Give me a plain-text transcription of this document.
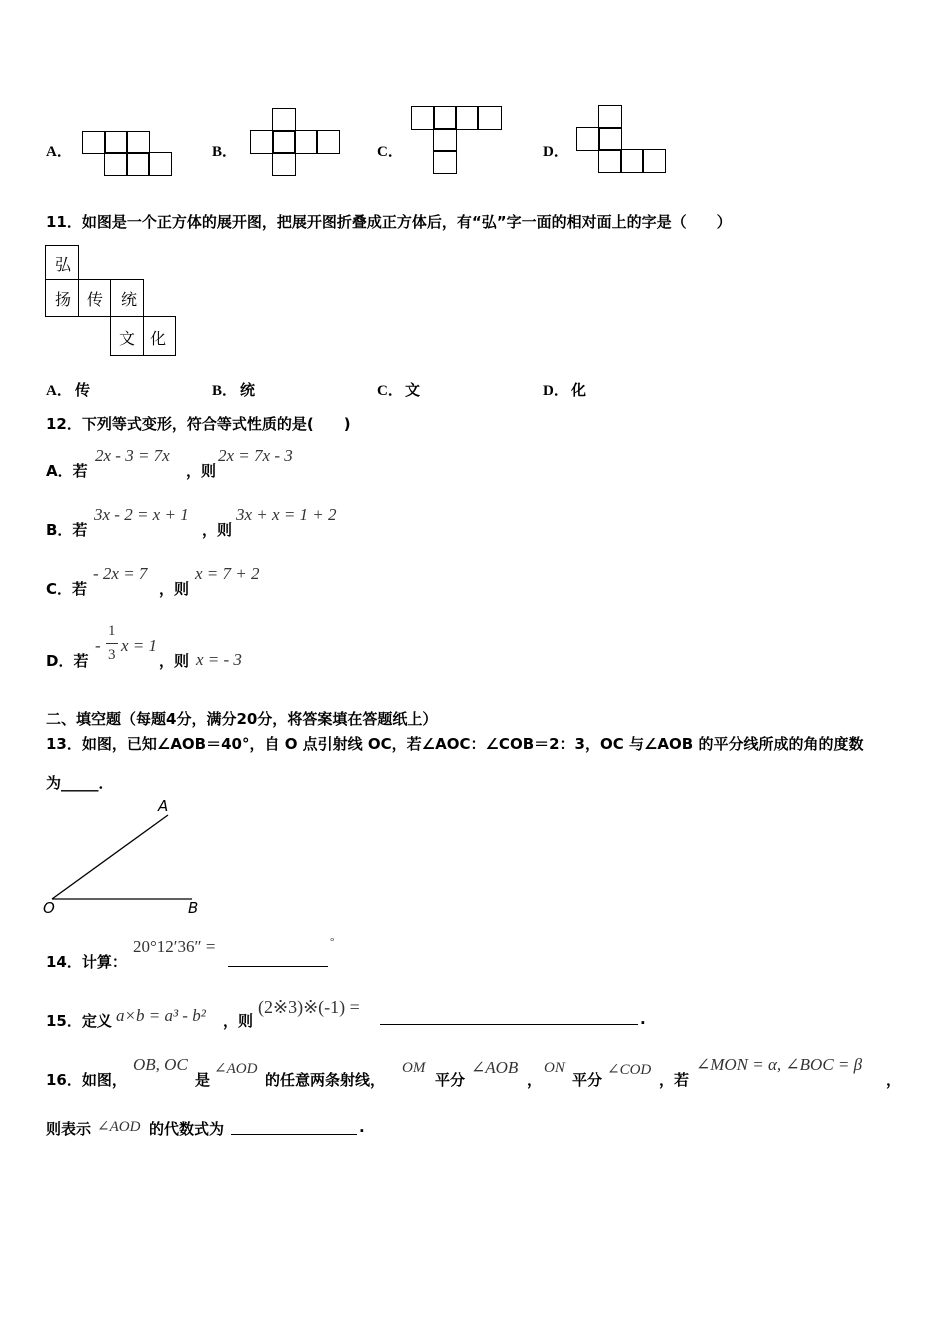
A．	B．	C．	D．
11．如图是一个正方体的展开图，把展开图折叠成正方体后，有“弘”字一面的相对面上的字是（　　）
弘
扬 传 统
文 化
A． 传	B． 统	C． 文	D． 化
12．下列等式变形，符合等式性质的是(　　)
A．若
2x - 3 = 7x
，则
2x = 7x - 3
B．若
3x - 2 = x + 1
，则
3x + x = 1 + 2
C．若
- 2x = 7
，则
x = 7 + 2
D．若
-
1
3 x = 1
，则 x = - 3
二、填空题（每题4分，满分20分，将答案填在答题纸上）
13．如图，已知∠AOB＝40°，自 O 点引射线 OC，若∠AOC：∠COB＝2：3，OC 与∠AOB 的平分线所成的角的度数
为_____．
A
O	B
14．计算：
20°12′36″ =	°
15．定义 a×b = a³ - b² ，则
(2※3)※(-1) =
.
16．如图，
OB, OC
是
∠AOD
的任意两条射线，
OM
平分
∠AOB
，
ON
平分
∠COD
，若
∠MON = α, ∠BOC = β
，
则表示 ∠AOD 的代数式为	.
